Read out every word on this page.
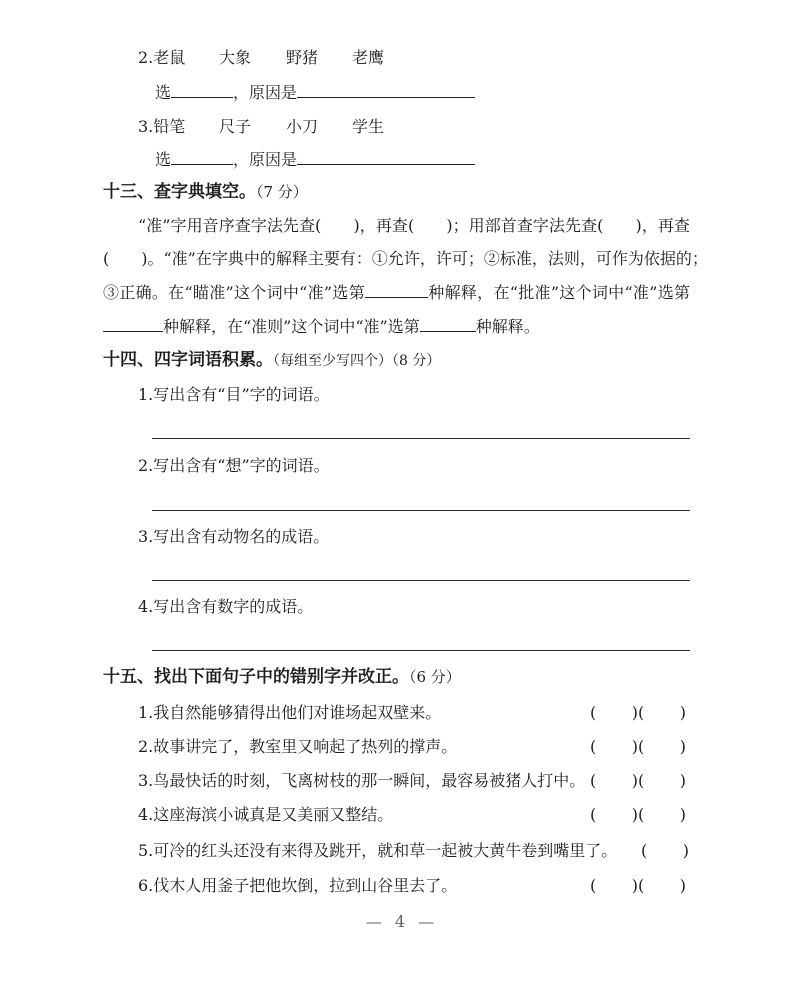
2.老鼠 大象 野猪 老鹰
选	，原因是
3.铅笔 尺子 小刀 学生
选	，原因是
十三、查字典填空。（7 分）
“准”字用音序查字法先查(　　)，再查(　　)；用部首查字法先查(　　)，再查
(　　)。“准”在字典中的解释主要有：①允许，许可；②标准，法则，可作为依据的；
③正确。在“瞄准”这个词中“准”选第	种解释，在“批准”这个词中“准”选第
种解释，在“准则”这个词中“准”选第	种解释。
十四、四字词语积累。（每组至少写四个）（8 分）
1.写出含有“目”字的词语。
2.写出含有“想”字的词语。
3.写出含有动物名的成语。
4.写出含有数字的成语。
十五、找出下面句子中的错别字并改正。（6 分）
1.我自然能够猜得出他们对谁场起双壁来。	(　　)(　　)
2.故事讲完了，教室里又响起了热列的撑声。	(　　)(　　)
3.鸟最快话的时刻，飞离树枝的那一瞬间，最容易被猪人打中。 (　　)(　　)
4.这座海滨小诚真是又美丽又整结。	(　　)(　　)
5.可冷的红头还没有来得及跳开，就和草一起被大黄牛卷到嘴里了。 (　　)
6.伐木人用釜子把他坎倒，拉到山谷里去了。	(　　)(　　)
— 4 —
